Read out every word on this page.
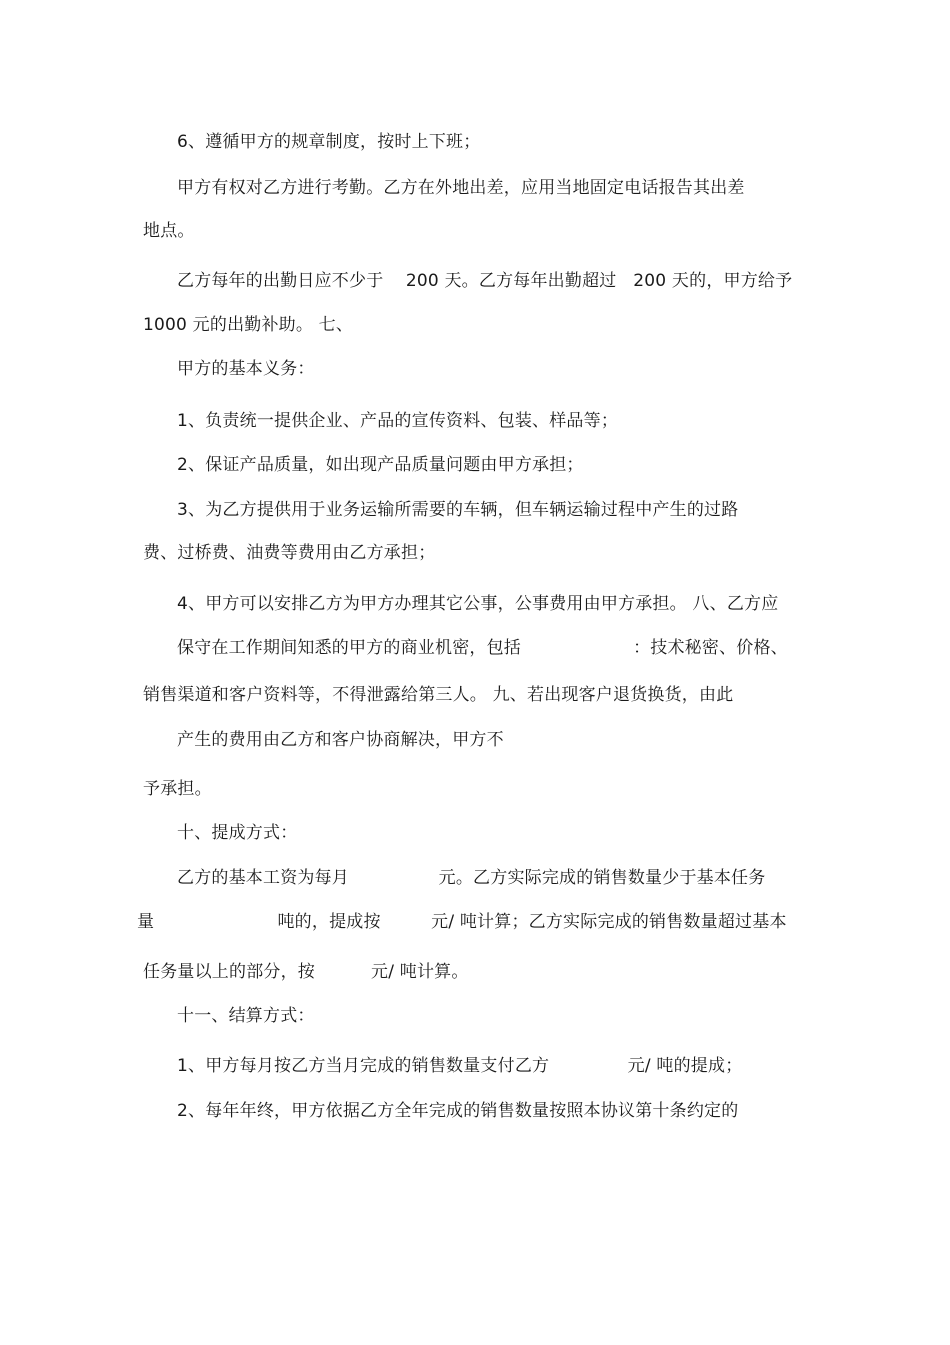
6、遵循甲方的规章制度，按时上下班；
甲方有权对乙方进行考勤。乙方在外地出差，应用当地固定电话报告其出差
地点。
乙方每年的出勤日应不少于    200 天。乙方每年出勤超过   200 天的，甲方给予
1000 元的出勤补助。 七、
甲方的基本义务：
1、负责统一提供企业、产品的宣传资料、包装、样品等；
2、保证产品质量，如出现产品质量问题由甲方承担；
3、为乙方提供用于业务运输所需要的车辆，但车辆运输过程中产生的过路
费、过桥费、油费等费用由乙方承担；
4、甲方可以安排乙方为甲方办理其它公事，公事费用由甲方承担。 八、乙方应
保守在工作期间知悉的甲方的商业机密，包括                    ：技术秘密、价格、
销售渠道和客户资料等，不得泄露给第三人。 九、若出现客户退货换货，由此
产生的费用由乙方和客户协商解决，甲方不
予承担。
十、提成方式：
乙方的基本工资为每月                元。乙方实际完成的销售数量少于基本任务
量                      吨的，提成按         元/ 吨计算；乙方实际完成的销售数量超过基本
任务量以上的部分，按          元/ 吨计算。
十一、结算方式：
1、甲方每月按乙方当月完成的销售数量支付乙方              元/ 吨的提成；
2、每年年终，甲方依据乙方全年完成的销售数量按照本协议第十条约定的
